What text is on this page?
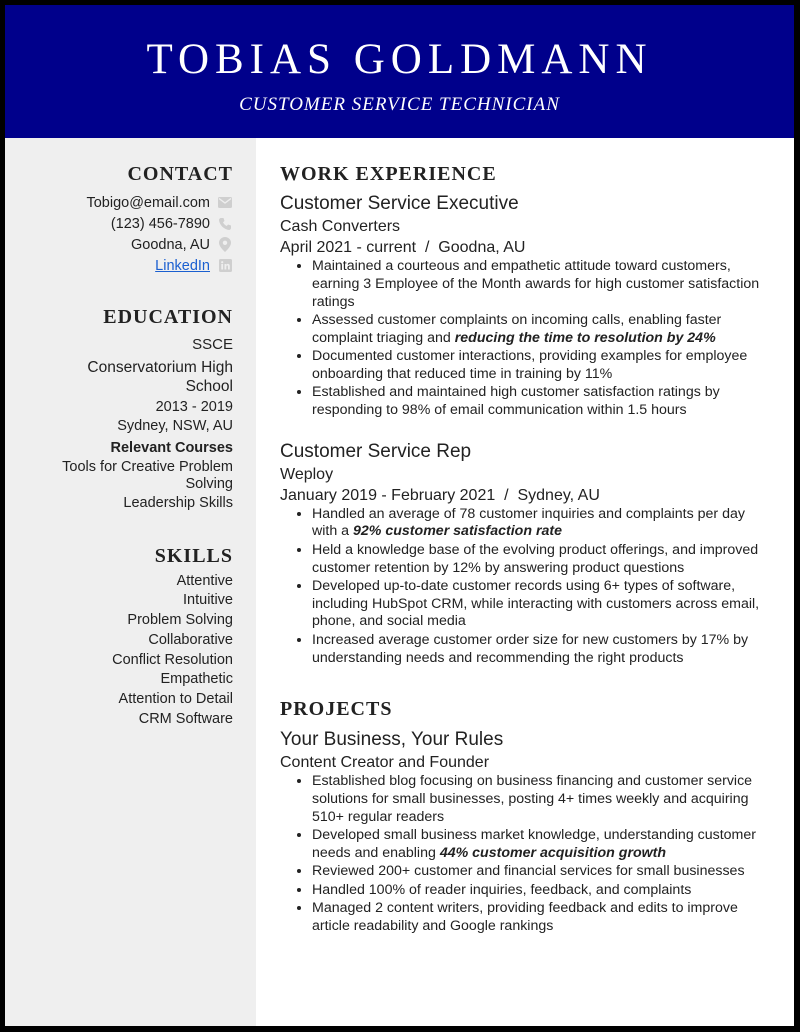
TOBIAS GOLDMANN
CUSTOMER SERVICE TECHNICIAN
CONTACT
Tobigo@email.com
(123) 456-7890
Goodna, AU
LinkedIn
EDUCATION
SSCE
Conservatorium High
School
2013 - 2019
Sydney, NSW, AU
Relevant Courses
Tools for Creative Problem
Solving
Leadership Skills
SKILLS
Attentive
Intuitive
Problem Solving
Collaborative
Conflict Resolution
Empathetic
Attention to Detail
CRM Software
WORK EXPERIENCE
Customer Service Executive
Cash Converters
April 2021 - current / Goodna, AU
• Maintained a courteous and empathetic attitude toward customers, earning 3 Employee of the Month awards for high customer satisfaction ratings
• Assessed customer complaints on incoming calls, enabling faster complaint triaging and reducing the time to resolution by 24%
• Documented customer interactions, providing examples for employee onboarding that reduced time in training by 11%
• Established and maintained high customer satisfaction ratings by responding to 98% of email communication within 1.5 hours
Customer Service Rep
Weploy
January 2019 - February 2021 / Sydney, AU
• Handled an average of 78 customer inquiries and complaints per day with a 92% customer satisfaction rate
• Held a knowledge base of the evolving product offerings, and improved customer retention by 12% by answering product questions
• Developed up-to-date customer records using 6+ types of software, including HubSpot CRM, while interacting with customers across email, phone, and social media
• Increased average customer order size for new customers by 17% by understanding needs and recommending the right products
PROJECTS
Your Business, Your Rules
Content Creator and Founder
• Established blog focusing on business financing and customer service solutions for small businesses, posting 4+ times weekly and acquiring 510+ regular readers
• Developed small business market knowledge, understanding customer needs and enabling 44% customer acquisition growth
• Reviewed 200+ customer and financial services for small businesses
• Handled 100% of reader inquiries, feedback, and complaints
• Managed 2 content writers, providing feedback and edits to improve article readability and Google rankings
